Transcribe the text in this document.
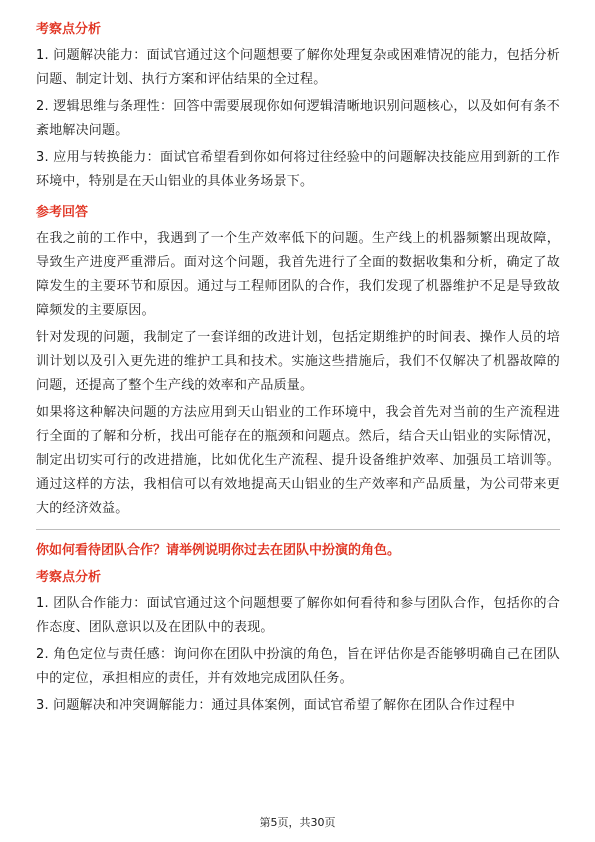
考察点分析

1. 问题解决能力：面试官通过这个问题想要了解你处理复杂或困难情况的能力，包括分析问题、制定计划、执行方案和评估结果的全过程。

2. 逻辑思维与条理性：回答中需要展现你如何逻辑清晰地识别问题核心，以及如何有条不紊地解决问题。

3. 应用与转换能力：面试官希望看到你如何将过往经验中的问题解决技能应用到新的工作环境中，特别是在天山铝业的具体业务场景下。

参考回答

在我之前的工作中，我遇到了一个生产效率低下的问题。生产线上的机器频繁出现故障，导致生产进度严重滞后。面对这个问题，我首先进行了全面的数据收集和分析，确定了故障发生的主要环节和原因。通过与工程师团队的合作，我们发现了机器维护不足是导致故障频发的主要原因。

针对发现的问题，我制定了一套详细的改进计划，包括定期维护的时间表、操作人员的培训计划以及引入更先进的维护工具和技术。实施这些措施后，我们不仅解决了机器故障的问题，还提高了整个生产线的效率和产品质量。

如果将这种解决问题的方法应用到天山铝业的工作环境中，我会首先对当前的生产流程进行全面的了解和分析，找出可能存在的瓶颈和问题点。然后，结合天山铝业的实际情况，制定出切实可行的改进措施，比如优化生产流程、提升设备维护效率、加强员工培训等。通过这样的方法，我相信可以有效地提高天山铝业的生产效率和产品质量，为公司带来更大的经济效益。

你如何看待团队合作？请举例说明你过去在团队中扮演的角色。
考察点分析

1. 团队合作能力：面试官通过这个问题想要了解你如何看待和参与团队合作，包括你的合作态度、团队意识以及在团队中的表现。

2. 角色定位与责任感：询问你在团队中扮演的角色，旨在评估你是否能够明确自己在团队中的定位，承担相应的责任，并有效地完成团队任务。

3. 问题解决和冲突调解能力：通过具体案例，面试官希望了解你在团队合作过程中

第5页，共30页
